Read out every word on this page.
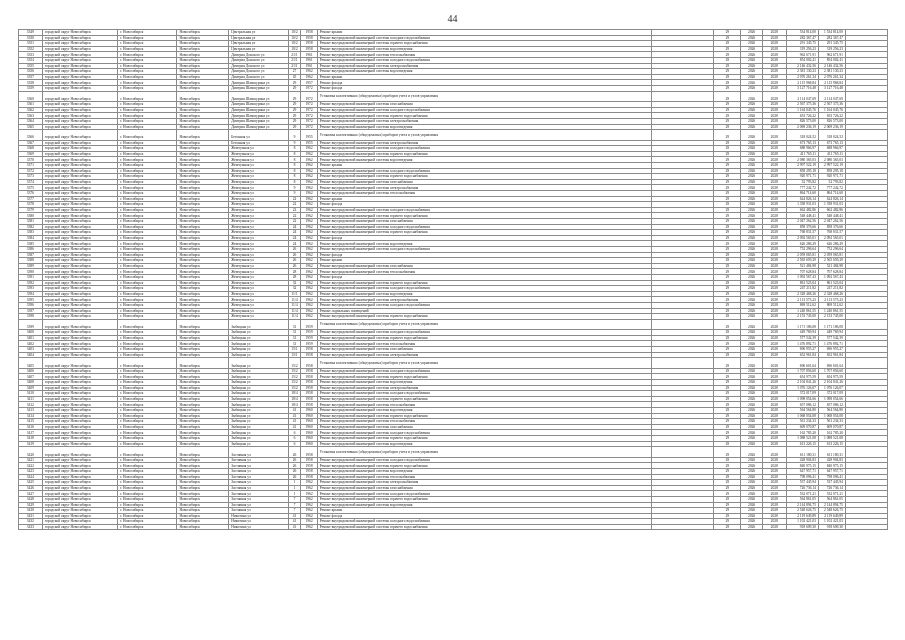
44
3349	городской округ Новосибирск	г. Новосибирск	Новосибирск	Центральная ул	10/2	1958	Ремонт крыши		29	2026	2028	534 814,00	1 534 814,00	
3350	городской округ Новосибирск	г. Новосибирск	Новосибирск	Центральная ул	10/2	1958	Ремонт внутридомовой инженерной системы холодного водоснабжения		29	2026	2028	282 367,47	282 367,47	
3351	городской округ Новосибирск	г. Новосибирск	Новосибирск	Центральная ул	10/2	1958	Ремонт внутридомовой инженерной системы горячего водоснабжения		29	2026	2028	291 345,75	291 345,75	
3352	городской округ Новосибирск	г. Новосибирск	Новосибирск	Центральная ул	10/2	1958	Ремонт внутридомовой инженерной системы водоотведения		29	2026	2028	319 256,23	319 256,23	
3353	городской округ Новосибирск	г. Новосибирск	Новосибирск	Дмитрия Донского ул	21/1	1961	Ремонт внутридомовой инженерной системы теплоснабжения		29	2026	2028	962 671,91	962 671,91	
3354	городской округ Новосибирск	г. Новосибирск	Новосибирск	Дмитрия Донского ул	21/1	1961	Ремонт внутридомовой инженерной системы холодного водоснабжения		29	2026	2028	854 002,41	854 002,41	
3355	городской округ Новосибирск	г. Новосибирск	Новосибирск	Дмитрия Донского ул	21/1	1961	Ремонт внутридомовой инженерной системы электроснабжения		29	2026	2028	2 146 432,56	2 146 432,56	
3356	городской округ Новосибирск	г. Новосибирск	Новосибирск	Дмитрия Донского ул	27	1962	Ремонт внутридомовой инженерной системы водоотведения		29	2026	2028	2 381 130,23	2 381 130,23	
3357	городской округ Новосибирск	г. Новосибирск	Новосибирск	Дмитрия Донского ул	45	1962	Ремонт крыши		29	2026	2028	2 076 261,34	2 076 261,34	
3358	городской округ Новосибирск	г. Новосибирск	Новосибирск	Дмитрия Шамшурина ул	29	1957	Ремонт фасада		29	2026	2028	2 115 968,84	2 115 968,84	
3359	городской округ Новосибирск	г. Новосибирск	Новосибирск	Дмитрия Шамшурина ул	29	1972	Ремонт фасада		29	2026	2028	3 127 716,48	3 127 716,48	
3360	городской округ Новосибирск	г. Новосибирск	Новосибирск	Дмитрия Шамшурина ул	29	1972	Установка коллективных (общедомовых) приборов учета и узлов управления		29	2026	2028	2 114 047,69	2 114 047,69	
3361	городской округ Новосибирск	г. Новосибирск	Новосибирск	Дмитрия Шамшурина ул	29	1972	Ремонт внутридомовой инженерной системы газоснабжения		29	2026	2028	2 567 375,36	2 567 375,36	
3362	городской округ Новосибирск	г. Новосибирск	Новосибирск	Дмитрия Шамшурина ул	29	1972	Ремонт внутридомовой инженерной системы холодного водоснабжения		29	2026	2028	1 164 045,76	1 164 045,76	
3363	городской округ Новосибирск	г. Новосибирск	Новосибирск	Дмитрия Шамшурина ул	29	1972	Ремонт внутридомовой инженерной системы горячего водоснабжения		29	2026	2028	653 726,22	653 726,22	
3364	городской округ Новосибирск	г. Новосибирск	Новосибирск	Дмитрия Шамшурина ул	29	1972	Ремонт внутридомовой инженерной системы электроснабжения		29	2026	2028	826 573,00	826 573,00	
3365	городской округ Новосибирск	г. Новосибирск	Новосибирск	Дмитрия Шамшурина ул	29	1972	Ремонт внутридомовой инженерной системы водоотведения		29	2026	2028	2 069 236,19	2 069 236,19	
3366	городской округ Новосибирск	г. Новосибирск	Новосибирск	Бетонная ул	9	1955	Установка коллективных (общедомовых) приборов учета и узлов управления		29	2026	2028	318 024,52	318 024,52	
3367	городской округ Новосибирск	г. Новосибирск	Новосибирск	Бетонная ул	9	1955	Ремонт внутридомовой инженерной системы электроснабжения		29	2026	2028	673 765,13	673 765,13	
3368	городской округ Новосибирск	г. Новосибирск	Новосибирск	Жемчужная ул	8	1962	Ремонт внутридомовой инженерной системы холодного водоснабжения		29	2026	2028	688 966,97	688 966,97	
3369	городской округ Новосибирск	г. Новосибирск	Новосибирск	Жемчужная ул	8	1962	Ремонт внутридомовой инженерной системы горячего водоснабжения		29	2026	2028	411 765,11	411 765,11	
3370	городской округ Новосибирск	г. Новосибирск	Новосибирск	Жемчужная ул	8	1962	Ремонт внутридомовой инженерной системы водоотведения		29	2026	2028	2 080 365,03	2 080 365,03	
3371	городской округ Новосибирск	г. Новосибирск	Новосибирск	Жемчужная ул	8	1962	Ремонт крыши		29	2026	2028	2 997 522,19	2 997 522,19	
3372	городской округ Новосибирск	г. Новосибирск	Новосибирск	Жемчужная ул	8	1962	Ремонт внутридомовой инженерной системы холодного водоснабжения		29	2026	2028	858 295,18	858 295,18	
3373	городской округ Новосибирск	г. Новосибирск	Новосибирск	Жемчужная ул	8	1962	Ремонт внутридомовой инженерной системы горячего водоснабжения		29	2026	2028	920 971,71	920 971,71	
3374	городской округ Новосибирск	г. Новосибирск	Новосибирск	Жемчужная ул	8	1962	Ремонт внутридомовой инженерной системы газоснабжения		29	2026	2028	52 793,82	52 793,82	
3375	городской округ Новосибирск	г. Новосибирск	Новосибирск	Жемчужная ул	9	1962	Ремонт внутридомовой инженерной системы электроснабжения		29	2026	2028	777 242,72	777 242,72	
3376	городской округ Новосибирск	г. Новосибирск	Новосибирск	Жемчужная ул	9	1962	Ремонт внутридомовой инженерной системы теплоснабжения		29	2026	2028	864 714,60	864 714,60	
3377	городской округ Новосибирск	г. Новосибирск	Новосибирск	Жемчужная ул	22	1962	Ремонт крыши		29	2026	2028	624 826,14	624 826,14	
3378	городской округ Новосибирск	г. Новосибирск	Новосибирск	Жемчужная ул	22	1962	Ремонт фасада		29	2026	2028	1 358 931,03	1 358 931,03	
3379	городской округ Новосибирск	г. Новосибирск	Новосибирск	Жемчужная ул	22	1962	Ремонт внутридомовой инженерной системы холодного водоснабжения		29	2026	2028	662 482,86	662 482,86	
3380	городской округ Новосибирск	г. Новосибирск	Новосибирск	Жемчужная ул	22	1962	Ремонт внутридомовой инженерной системы горячего водоснабжения		29	2026	2028	548 448,41	548 448,41	
3381	городской округ Новосибирск	г. Новосибирск	Новосибирск	Жемчужная ул	22	1962	Ремонт внутридомовой инженерной системы газоснабжения		29	2026	2028	2 047 262,56	2 047 262,56	
3382	городской округ Новосибирск	г. Новосибирск	Новосибирск	Жемчужная ул	24	1962	Ремонт внутридомовой инженерной системы холодного водоснабжения		29	2026	2028	858 376,66	858 376,66	
3383	городской округ Новосибирск	г. Новосибирск	Новосибирск	Жемчужная ул	24	1962	Ремонт внутридомовой инженерной системы горячего водоснабжения		29	2026	2028	768 831,57	768 831,57	
3384	городской округ Новосибирск	г. Новосибирск	Новосибирск	Жемчужная ул	24	1962	Ремонт фасада		29	2026	2028	2 092 565,01	2 092 565,01	
3385	городской округ Новосибирск	г. Новосибирск	Новосибирск	Жемчужная ул	24	1962	Ремонт внутридомовой инженерной системы водоотведения		29	2026	2028	626 286,29	626 286,29	
3386	городской округ Новосибирск	г. Новосибирск	Новосибирск	Жемчужная ул	26	1962	Ремонт внутридомовой инженерной системы холодного водоснабжения		29	2026	2028	752 296,64	752 296,64	
3387	городской округ Новосибирск	г. Новосибирск	Новосибирск	Жемчужная ул	26	1962	Ремонт фасада		29	2026	2028	2 059 065,81	2 059 065,81	
3388	городской округ Новосибирск	г. Новосибирск	Новосибирск	Жемчужная ул	26	1962	Ремонт крыши		29	2026	2028	2 565 659,29	2 565 659,29	
3389	городской округ Новосибирск	г. Новосибирск	Новосибирск	Жемчужная ул	26	1962	Ремонт внутридомовой инженерной системы газоснабжения		29	2026	2028	521 484,98	521 484,98	
3390	городской округ Новосибирск	г. Новосибирск	Новосибирск	Жемчужная ул	28	1962	Ремонт внутридомовой инженерной системы теплоснабжения		29	2026	2028	707 628,84	707 628,84	
3391	городской округ Новосибирск	г. Новосибирск	Новосибирск	Жемчужная ул	28	1962	Ремонт фасада		29	2026	2028	1 092 567,43	1 092 567,43	
3392	городской округ Новосибирск	г. Новосибирск	Новосибирск	Жемчужная ул	32	1962	Ремонт внутридомовой инженерной системы горячего водоснабжения		29	2026	2028	861 523,04	861 523,04	
3393	городской округ Новосибирск	г. Новосибирск	Новосибирск	Жемчужная ул	32	1962	Ремонт внутридомовой инженерной системы холодного водоснабжения		29	2026	2028	247 211,82	247 211,82	
3394	городской округ Новосибирск	г. Новосибирск	Новосибирск	Жемчужная ул	11/1	1962	Ремонт внутридомовой инженерной системы водоотведения		29	2026	2028	2 328 468,26	2 328 468,26	
3395	городской округ Новосибирск	г. Новосибирск	Новосибирск	Жемчужная ул	11/4	1962	Ремонт внутридомовой инженерной системы электроснабжения		29	2026	2028	2 113 573,23	2 113 573,23	
3396	городской округ Новосибирск	г. Новосибирск	Новосибирск	Жемчужная ул	11/4	1962	Ремонт внутридомовой инженерной системы холодного водоснабжения		29	2026	2028	869 512,62	869 512,62	
3397	городской округ Новосибирск	г. Новосибирск	Новосибирск	Жемчужная ул	11/4	1962	Ремонт подвальных помещений		29	2026	2028	1 240 861,55	1 240 861,55	
3398	городской округ Новосибирск	г. Новосибирск	Новосибирск	Жемчужная ул	11/4	1962	Ремонт внутридомовой инженерной системы горячего водоснабжения		29	2026	2028	2 153 745,00	2 153 745,00	
3399	городской округ Новосибирск	г. Новосибирск	Новосибирск	Зыбицкая ул	31	1959	Установка коллективных (общедомовых) приборов учета и узлов управления		29	2026	2028	1 171 186,08	1 171 186,08	
3400	городской округ Новосибирск	г. Новосибирск	Новосибирск	Зыбицкая ул	31	1959	Ремонт внутридомовой инженерной системы холодного водоснабжения		29	2026	2028	449 769,94	449 769,94	
3401	городской округ Новосибирск	г. Новосибирск	Новосибирск	Зыбицкая ул	31	1959	Ремонт внутридомовой инженерной системы горячего водоснабжения		29	2026	2028	577 542,39	577 542,39	
3402	городской округ Новосибирск	г. Новосибирск	Новосибирск	Зыбицкая ул	31	1959	Ремонт внутридомовой инженерной системы теплоснабжения		29	2026	2028	1 476 892,71	1 476 892,71	
3403	городской округ Новосибирск	г. Новосибирск	Новосибирск	Зыбицкая ул	15/1	1958	Ремонт внутридомовой инженерной системы газоснабжения		29	2026	2028	696 955,27	696 955,27	
3404	городской округ Новосибирск	г. Новосибирск	Новосибирск	Зыбицкая ул	15/1	1958	Ремонт внутридомовой инженерной системы электроснабжения		29	2026	2028	652 961,84	652 961,84	
3405	городской округ Новосибирск	г. Новосибирск	Новосибирск	Зыбицкая ул	15/2	1958	Установка коллективных (общедомовых) приборов учета и узлов управления		29	2026	2028	696 601,64	696 601,64	
3406	городской округ Новосибирск	г. Новосибирск	Новосибирск	Зыбицкая ул	15/2	1958	Ремонт внутридомовой инженерной системы холодного водоснабжения		29	2026	2028	1 707 856,60	1 707 856,60	
3407	городской округ Новосибирск	г. Новосибирск	Новосибирск	Зыбицкая ул	15/2	1958	Ремонт внутридомовой инженерной системы горячего водоснабжения		29	2026	2028	654 975,59	654 975,59	
3408	городской округ Новосибирск	г. Новосибирск	Новосибирск	Зыбицкая ул	15/2	1958	Ремонт внутридомовой инженерной системы водоотведения		29	2026	2028	2 104 841,26	2 104 841,26	
3409	городской округ Новосибирск	г. Новосибирск	Новосибирск	Зыбицкая ул	15/2	1958	Ремонт внутридомовой инженерной системы электроснабжения		29	2026	2028	1 076 126,07	1 076 126,07	
3410	городской округ Новосибирск	г. Новосибирск	Новосибирск	Зыбицкая ул	18/4	1958	Ремонт внутридомовой инженерной системы холодного водоснабжения		29	2026	2028	372 017,09	372 017,09	
3411	городской округ Новосибирск	г. Новосибирск	Новосибирск	Зыбицкая ул	18/4	1958	Ремонт внутридомовой инженерной системы горячего водоснабжения		29	2026	2028	1 098 054,66	1 098 054,66	
3412	городской округ Новосибирск	г. Новосибирск	Новосибирск	Зыбицкая ул	18/4	1958	Ремонт внутридомовой инженерной системы теплоснабжения		29	2026	2028	657 086,12	657 086,12	
3413	городской округ Новосибирск	г. Новосибирск	Новосибирск	Зыбицкая ул	41	1960	Ремонт внутридомовой инженерной системы водоотведения		29	2026	2028	564 564,80	564 564,80	
3414	городской округ Новосибирск	г. Новосибирск	Новосибирск	Зыбицкая ул	41	1960	Ремонт внутридомовой инженерной системы горячего водоснабжения		29	2026	2028	1 068 054,08	1 068 054,08	
3415	городской округ Новосибирск	г. Новосибирск	Новосибирск	Зыбицкая ул	41	1960	Ремонт внутридомовой инженерной системы теплоснабжения		29	2026	2028	561 234,33	561 234,33	
3416	городской округ Новосибирск	г. Новосибирск	Новосибирск	Зыбицкая ул	41	1960	Ремонт внутридомовой инженерной системы газоснабжения		29	2026	2028	609 070,87	609 070,87	
3417	городской округ Новосибирск	г. Новосибирск	Новосибирск	Зыбицкая ул	6	1960	Ремонт внутридомовой инженерной системы холодного водоснабжения		29	2026	2028	162 785,20	162 785,20	
3418	городской округ Новосибирск	г. Новосибирск	Новосибирск	Зыбицкая ул	6	1960	Ремонт внутридомовой инженерной системы горячего водоснабжения		29	2026	2028	1 088 521,08	1 088 521,08	
3419	городской округ Новосибирск	г. Новосибирск	Новосибирск	Зыбицкая ул	6	1960	Ремонт внутридомовой инженерной системы водоотведения		29	2026	2028	613 226,15	613 226,15	
3420	городской округ Новосибирск	г. Новосибирск	Новосибирск	Заставная ул	26	1958	Установка коллективных (общедомовых) приборов учета и узлов управления		29	2026	2028	611 180,31	611 180,31	
3421	городской округ Новосибирск	г. Новосибирск	Новосибирск	Заставная ул	26	1958	Ремонт внутридомовой инженерной системы холодного водоснабжения		29	2026	2028	428 904,83	428 904,83	
3422	городской округ Новосибирск	г. Новосибирск	Новосибирск	Заставная ул	26	1958	Ремонт внутридомовой инженерной системы горячего водоснабжения		29	2026	2028	840 975,15	840 975,15	
3423	городской округ Новосибирск	г. Новосибирск	Новосибирск	Заставная ул	26	1958	Ремонт внутридомовой инженерной системы водоотведения		29	2026	2028	647 957,71	647 957,71	
3424	городской округ Новосибирск	г. Новосибирск	Новосибирск	Заставная ул	26	1958	Ремонт внутридомовой инженерной системы теплоснабжения		29	2026	2028	798 096,41	798 096,41	
3425	городской округ Новосибирск	г. Новосибирск	Новосибирск	Заставная ул	1	1962	Ремонт внутридомовой инженерной системы электроснабжения		29	2026	2028	537 445,94	537 445,94	
3426	городской округ Новосибирск	г. Новосибирск	Новосибирск	Заставная ул	1	1962	Ремонт внутридомовой инженерной системы газоснабжения		29	2026	2028	726 736,14	726 736,14	
3427	городской округ Новосибирск	г. Новосибирск	Новосибирск	Заставная ул	1	1962	Ремонт внутридомовой инженерной системы холодного водоснабжения		29	2026	2028	532 071,21	532 071,21	
3428	городской округ Новосибирск	г. Новосибирск	Новосибирск	Заставная ул	7	1962	Ремонт внутридомовой инженерной системы горячего водоснабжения		29	2026	2028	564 861,05	564 861,05	
3429	городской округ Новосибирск	г. Новосибирск	Новосибирск	Заставная ул	7	1962	Ремонт внутридомовой инженерной системы водоотведения		29	2026	2028	2 144 894,75	2 144 894,75	
3430	городской округ Новосибирск	г. Новосибирск	Новосибирск	Заставная ул	7	1962	Ремонт крыши		29	2026	2028	2 548 626,75	2 548 626,75	
3431	городской округ Новосибирск	г. Новосибирск	Новосибирск	Никитина ул	41	1962	Ремонт фасада		29	2026	2028	2 119 649,89	2 119 649,89	
3432	городской округ Новосибирск	г. Новосибирск	Новосибирск	Никитина ул	41	1962	Ремонт внутридомовой инженерной системы холодного водоснабжения		29	2026	2028	1 102 421,03	1 102 421,03	
3433	городской округ Новосибирск	г. Новосибирск	Новосибирск	Никитина ул	41	1962	Ремонт внутридомовой инженерной системы горячего водоснабжения		29	2026	2028	918 609,30	918 609,30	
